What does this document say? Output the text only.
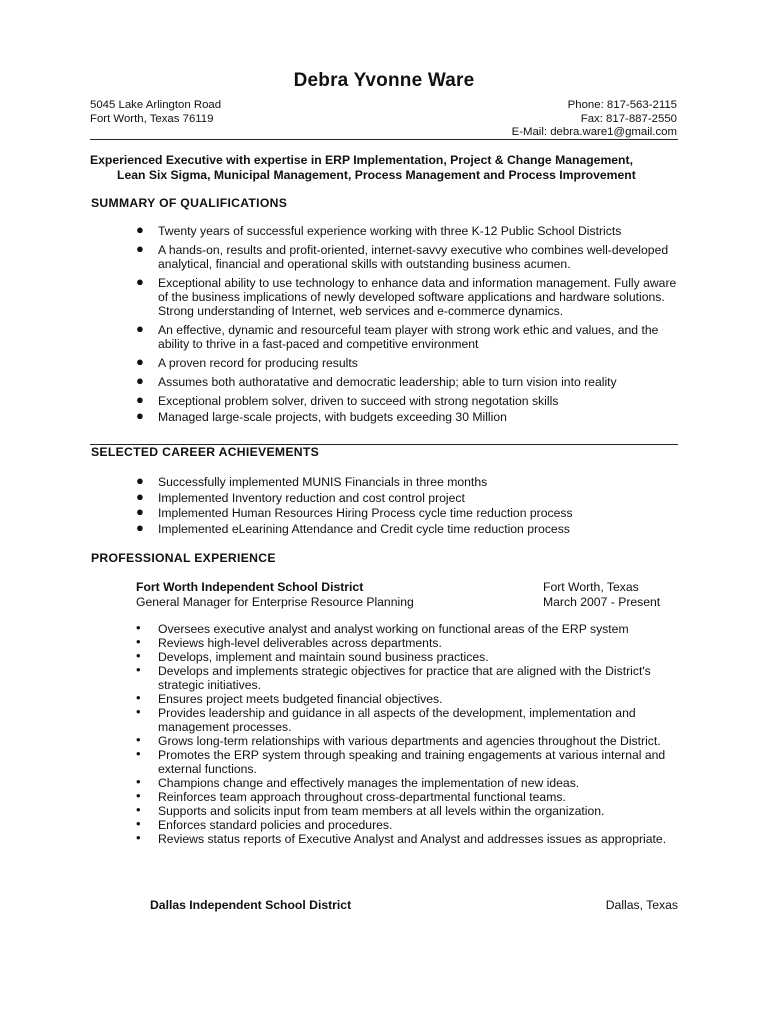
Debra Yvonne Ware
5045 Lake Arlington Road
Fort Worth, Texas 76119
Phone: 817-563-2115
Fax: 817-887-2550
E-Mail: debra.ware1@gmail.com
Experienced Executive with expertise in ERP Implementation, Project & Change Management,
Lean Six Sigma, Municipal Management, Process Management and Process Improvement
SUMMARY OF QUALIFICATIONS
● Twenty years of successful experience working with three K-12 Public School Districts
● A hands-on, results and profit-oriented, internet-savvy executive who combines well-developed analytical, financial and operational skills with outstanding business acumen.
● Exceptional ability to use technology to enhance data and information management. Fully aware of the business implications of newly developed software applications and hardware solutions. Strong understanding of Internet, web services and e-commerce dynamics.
● An effective, dynamic and resourceful team player with strong work ethic and values, and the ability to thrive in a fast-paced and competitive environment
● A proven record for producing results
● Assumes both authoratative and democratic leadership; able to turn vision into reality
● Exceptional problem solver, driven to succeed with strong negotation skills
● Managed large-scale projects, with budgets exceeding 30 Million
SELECTED CAREER ACHIEVEMENTS
● Successfully implemented MUNIS Financials in three months
● Implemented Inventory reduction and cost control project
● Implemented Human Resources Hiring Process cycle time reduction process
● Implemented eLearining Attendance and Credit cycle time reduction process
PROFESSIONAL EXPERIENCE
Fort Worth Independent School District	Fort Worth, Texas
General Manager for Enterprise Resource Planning	March 2007 - Present
• Oversees executive analyst and analyst working on functional areas of the ERP system
• Reviews high-level deliverables across departments.
• Develops, implement and maintain sound business practices.
• Develops and implements strategic objectives for practice that are aligned with the District's strategic initiatives.
• Ensures project meets budgeted financial objectives.
• Provides leadership and guidance in all aspects of the development, implementation and management processes.
• Grows long-term relationships with various departments and agencies throughout the District.
• Promotes the ERP system through speaking and training engagements at various internal and external functions.
• Champions change and effectively manages the implementation of new ideas.
• Reinforces team approach throughout cross-departmental functional teams.
• Supports and solicits input from team members at all levels within the organization.
• Enforces standard policies and procedures.
• Reviews status reports of Executive Analyst and Analyst and addresses issues as appropriate.
Dallas Independent School District	Dallas, Texas
